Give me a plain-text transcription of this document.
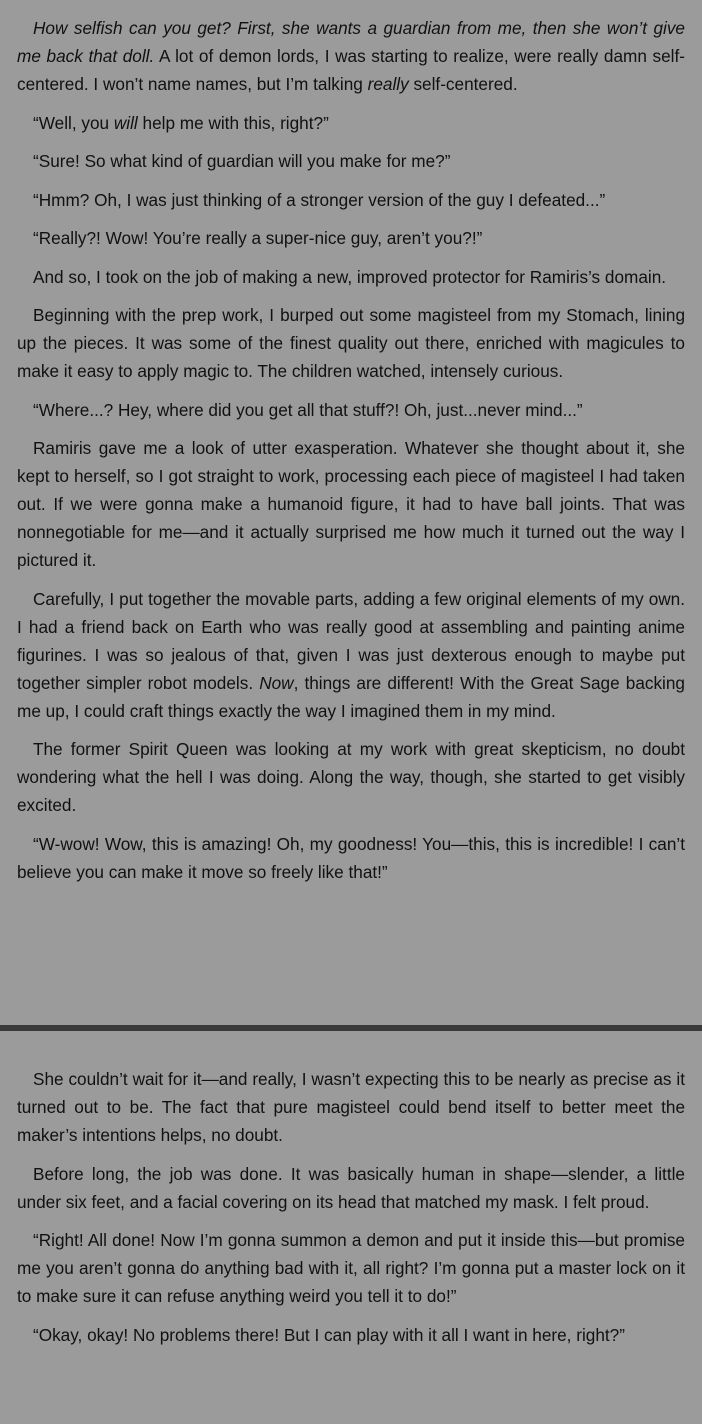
How selfish can you get? First, she wants a guardian from me, then she won’t give me back that doll. A lot of demon lords, I was starting to realize, were really damn self-centered. I won’t name names, but I’m talking really self-centered.

“Well, you will help me with this, right?”

“Sure! So what kind of guardian will you make for me?”

“Hmm? Oh, I was just thinking of a stronger version of the guy I defeated...”

“Really?! Wow! You’re really a super-nice guy, aren’t you?!”

And so, I took on the job of making a new, improved protector for Ramiris’s domain.

Beginning with the prep work, I burped out some magisteel from my Stomach, lining up the pieces. It was some of the finest quality out there, enriched with magicules to make it easy to apply magic to. The children watched, intensely curious.

“Where...? Hey, where did you get all that stuff?! Oh, just...never mind...”

Ramiris gave me a look of utter exasperation. Whatever she thought about it, she kept to herself, so I got straight to work, processing each piece of magisteel I had taken out. If we were gonna make a humanoid figure, it had to have ball joints. That was nonnegotiable for me—and it actually surprised me how much it turned out the way I pictured it.

Carefully, I put together the movable parts, adding a few original elements of my own. I had a friend back on Earth who was really good at assembling and painting anime figurines. I was so jealous of that, given I was just dexterous enough to maybe put together simpler robot models. Now, things are different! With the Great Sage backing me up, I could craft things exactly the way I imagined them in my mind.

The former Spirit Queen was looking at my work with great skepticism, no doubt wondering what the hell I was doing. Along the way, though, she started to get visibly excited.

“W-wow! Wow, this is amazing! Oh, my goodness! You—this, this is incredible! I can’t believe you can make it move so freely like that!”

She couldn’t wait for it—and really, I wasn’t expecting this to be nearly as precise as it turned out to be. The fact that pure magisteel could bend itself to better meet the maker’s intentions helps, no doubt.

Before long, the job was done. It was basically human in shape—slender, a little under six feet, and a facial covering on its head that matched my mask. I felt proud.

“Right! All done! Now I’m gonna summon a demon and put it inside this—but promise me you aren’t gonna do anything bad with it, all right? I’m gonna put a master lock on it to make sure it can refuse anything weird you tell it to do!”

“Okay, okay! No problems there! But I can play with it all I want in here, right?”
